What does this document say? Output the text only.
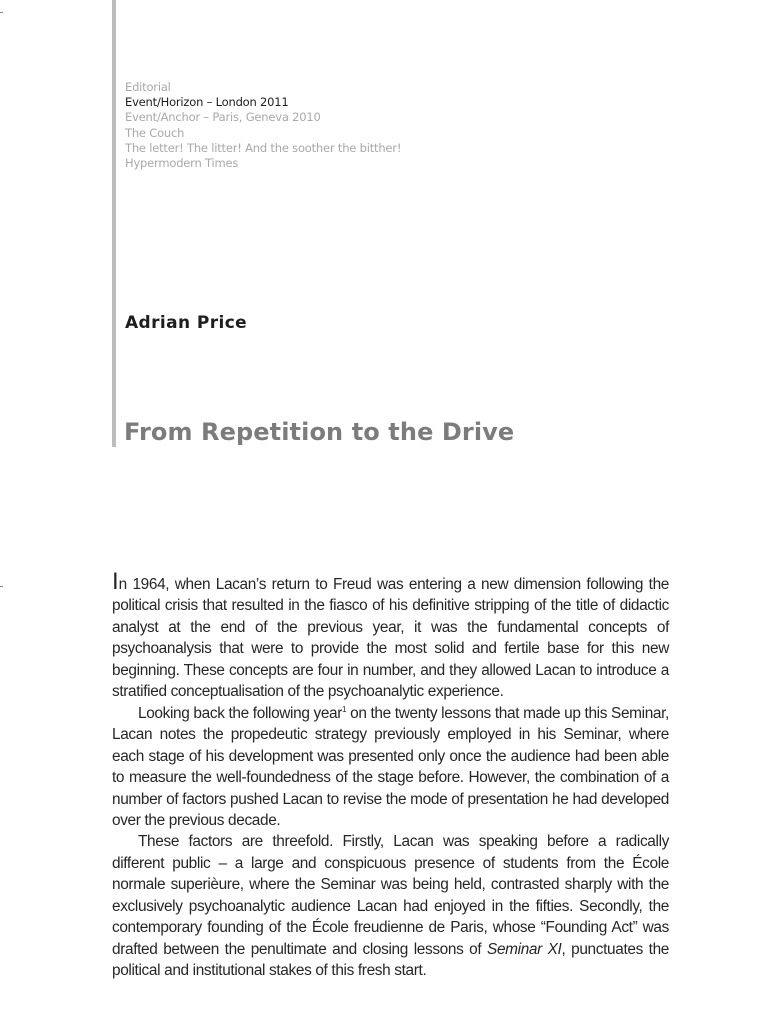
Editorial
Event/Horizon – London 2011
Event/Anchor – Paris, Geneva 2010
The Couch
The letter! The litter! And the soother the bitther!
Hypermodern Times
Adrian Price
From Repetition to the Drive

In 1964, when Lacan’s return to Freud was entering a new dimension following the political crisis that resulted in the fiasco of his definitive stripping of the title of didactic analyst at the end of the previous year, it was the fundamental concepts of psychoanalysis that were to provide the most solid and fertile base for this new beginning. These concepts are four in number, and they allowed Lacan to introduce a stratified conceptualisation of the psychoanalytic experience.

Looking back the following year$^1$ on the twenty lessons that made up this Seminar, Lacan notes the propedeutic strategy previously employed in his Seminar, where each stage of his development was presented only once the audience had been able to measure the well-foundedness of the stage before. However, the combination of a number of factors pushed Lacan to revise the mode of presentation he had developed over the previous decade.

These factors are threefold. Firstly, Lacan was speaking before a radically different public – a large and conspicuous presence of students from the École normale superièure, where the Seminar was being held, contrasted sharply with the exclusively psychoanalytic audience Lacan had enjoyed in the fifties. Secondly, the contemporary founding of the École freudienne de Paris, whose “Founding Act” was drafted between the penultimate and closing lessons of Seminar XI, punctuates the political and institutional stakes of this fresh start.
